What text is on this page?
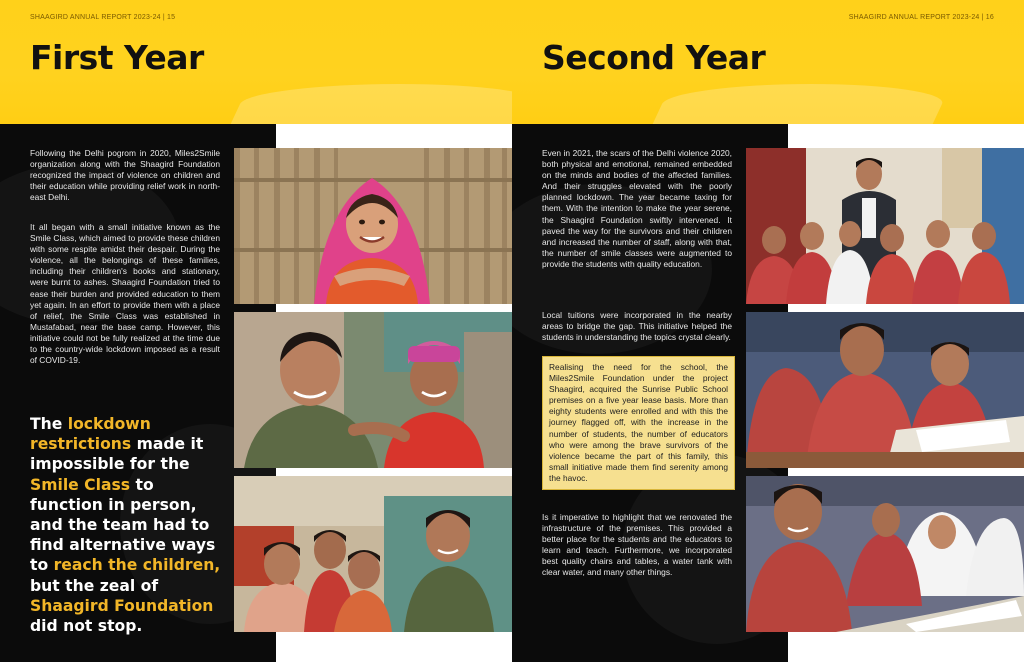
SHAAGIRD ANNUAL REPORT 2023-24 | 15
First Year
SHAAGIRD ANNUAL REPORT 2023-24 | 16
Second Year

Following the Delhi pogrom in 2020, Miles2Smile organization along with the Shaagird Foundation recognized the impact of violence on children and their education while providing relief work in north-east Delhi.

It all began with a small initiative known as the Smile Class, which aimed to provide these children with some respite amidst their despair. During the violence, all the belongings of these families, including their children's books and stationary, were burnt to ashes. Shaagird Foundation tried to ease their burden and provided education to them yet again. In an effort to provide them with a place of relief, the Smile Class was established in Mustafabad, near the base camp. However, this initiative could not be fully realized at the time due to the country-wide lockdown imposed as a result of COVID-19.

The lockdown restrictions made it impossible for the Smile Class to function in person, and the team had to find alternative ways to reach the children, but the zeal of Shaagird Foundation did not stop.

Even in 2021, the scars of the Delhi violence 2020, both physical and emotional, remained embedded on the minds and bodies of the affected families. And their struggles elevated with the poorly planned lockdown. The year became taxing for them. With the intention to make the year serene, the Shaagird Foundation swiftly intervened. It paved the way for the survivors and their children and increased the number of staff, along with that, the number of smile classes were augmented to provide the students with quality education.

Local tuitions were incorporated in the nearby areas to bridge the gap. This initiative helped the students in understanding the topics crystal clearly.

Realising the need for the school, the Miles2Smile Foundation under the project Shaagird, acquired the Sunrise Public School premises on a five year lease basis. More than eighty students were enrolled and with this the journey flagged off, with the increase in the number of students, the number of educators who were among the brave survivors of the violence became the part of this family, this small initiative made them find serenity among the havoc.

Is it imperative to highlight that we renovated the infrastructure of the premises. This provided a better place for the students and the educators to learn and teach. Furthermore, we incorporated best quality chairs and tables, a water tank with clear water, and many other things.
